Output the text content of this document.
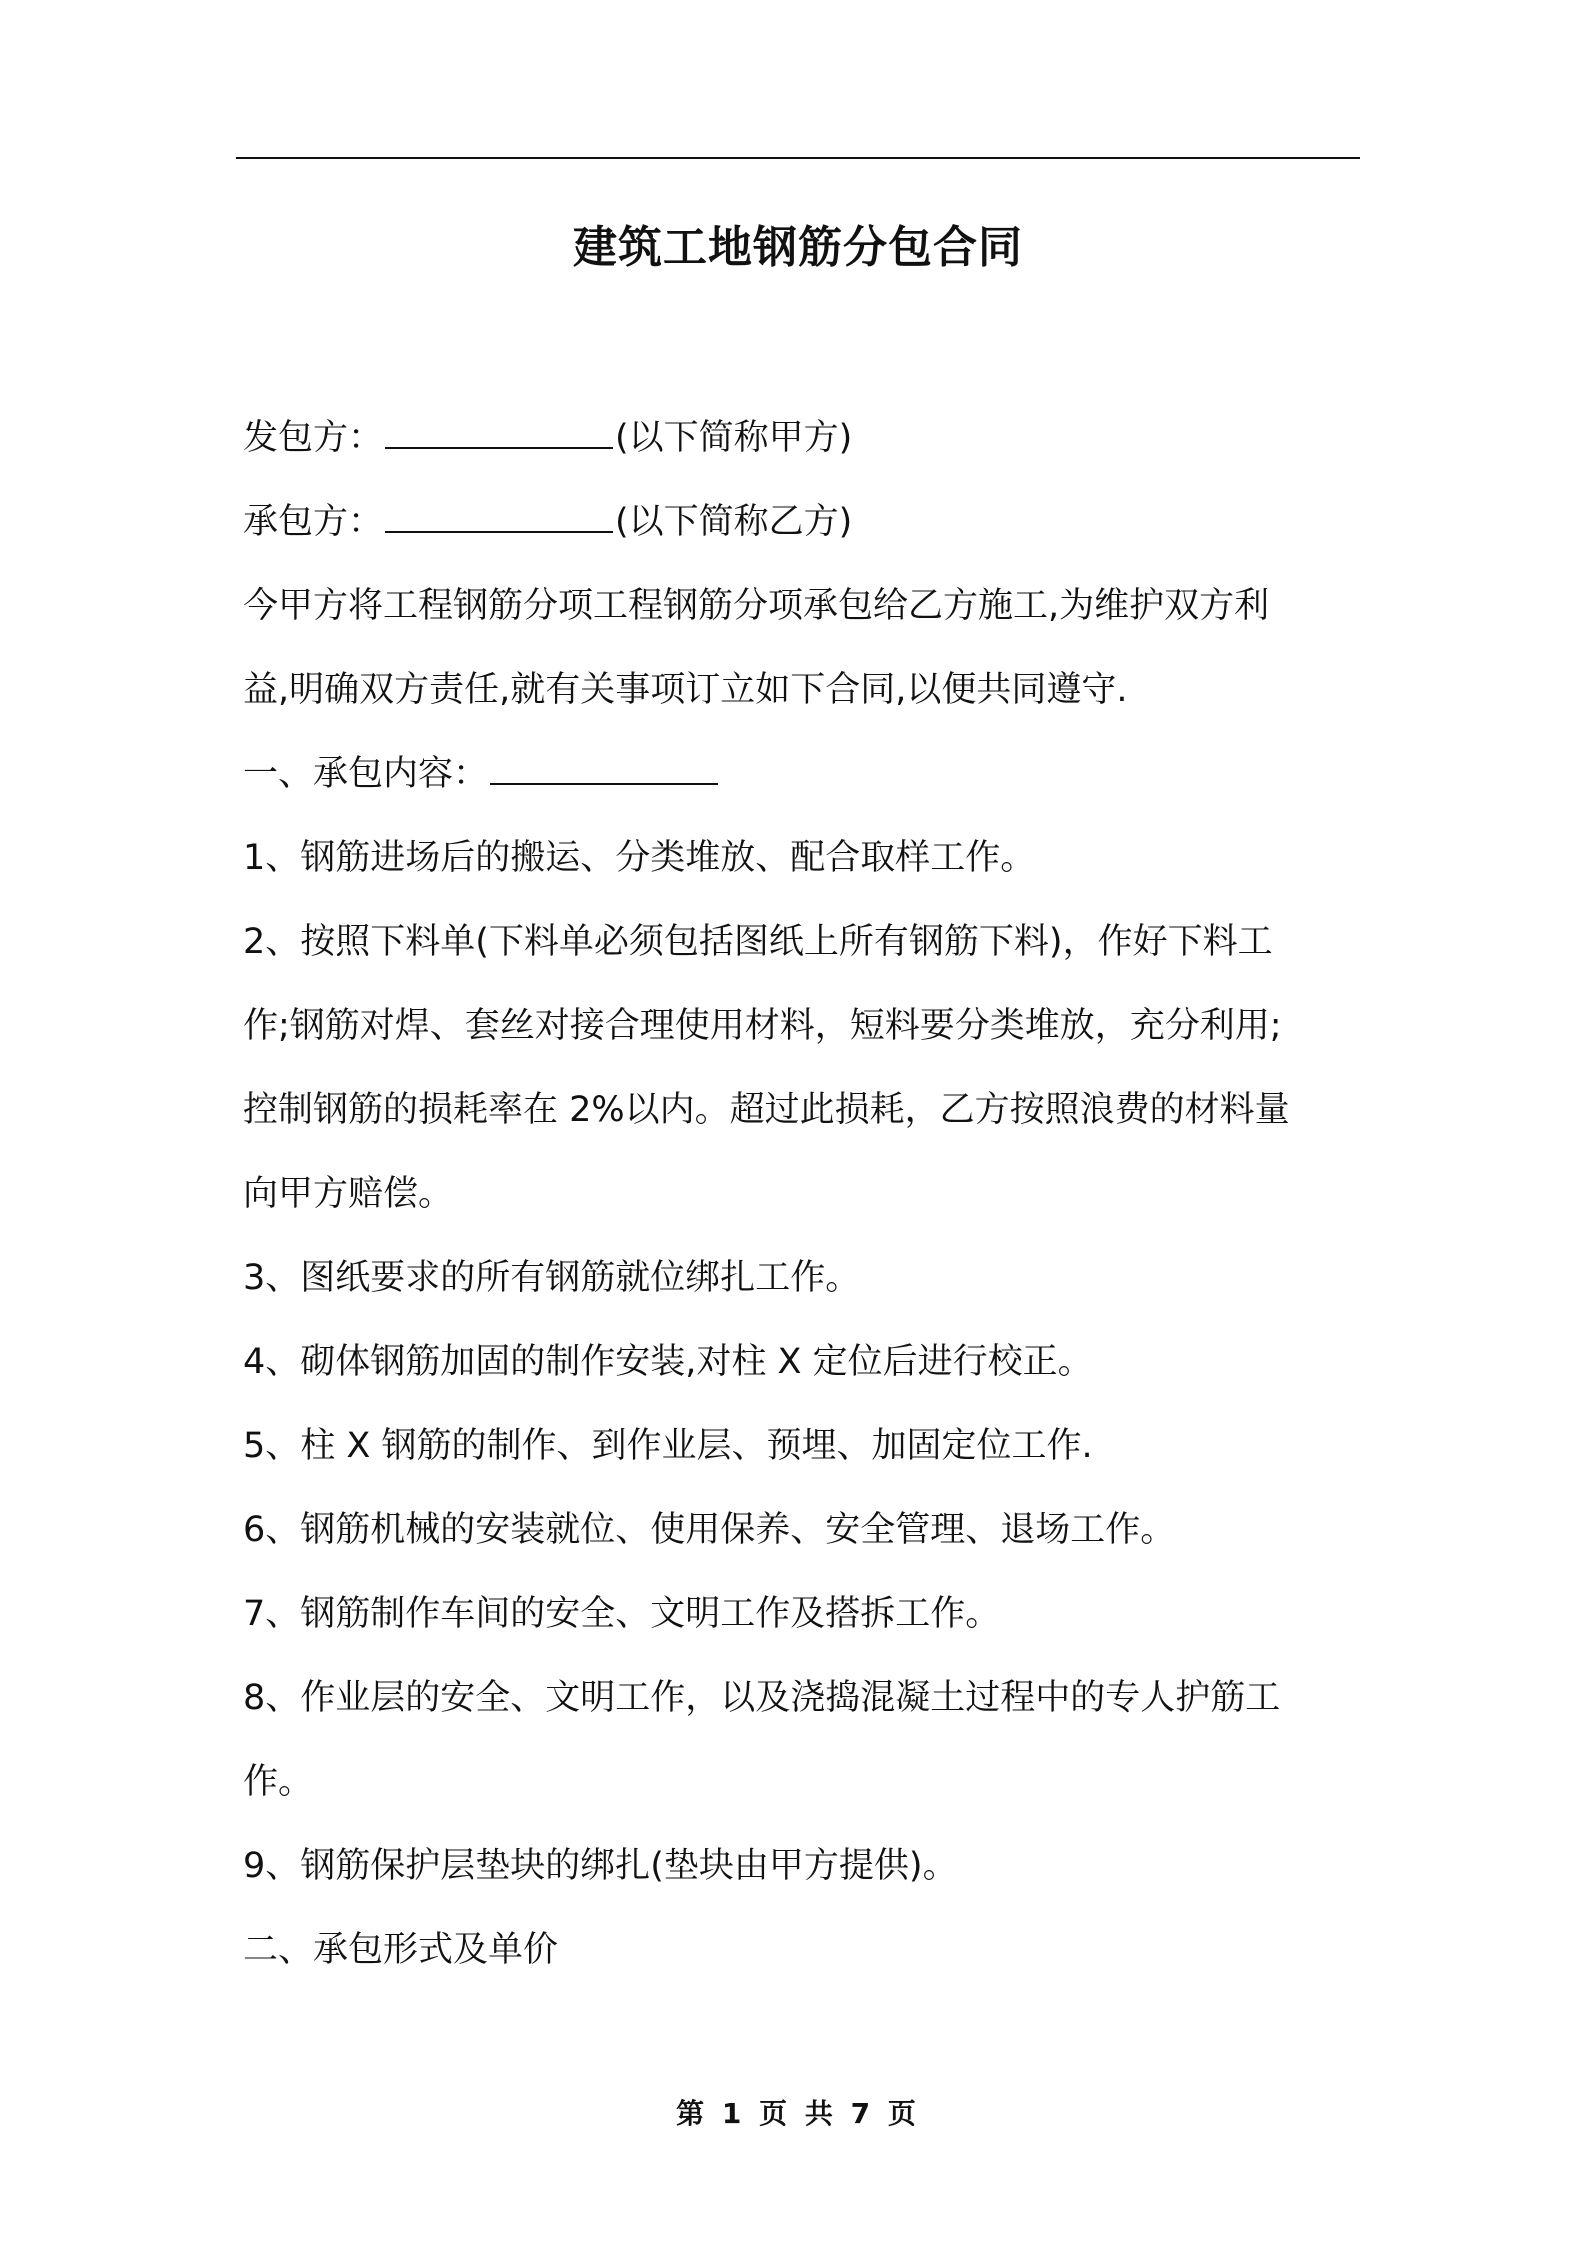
建筑工地钢筋分包合同
发包方：	(以下简称甲方)
承包方：	(以下简称乙方)
今甲方将工程钢筋分项工程钢筋分项承包给乙方施工,为维护双方利
益,明确双方责任,就有关事项订立如下合同,以便共同遵守.
一、承包内容：
1、钢筋进场后的搬运、分类堆放、配合取样工作。
2、按照下料单(下料单必须包括图纸上所有钢筋下料)，作好下料工
作;钢筋对焊、套丝对接合理使用材料，短料要分类堆放，充分利用;
控制钢筋的损耗率在 2%以内。超过此损耗，乙方按照浪费的材料量
向甲方赔偿。
3、图纸要求的所有钢筋就位绑扎工作。
4、砌体钢筋加固的制作安装,对柱 X 定位后进行校正。
5、柱 X 钢筋的制作、到作业层、预埋、加固定位工作.
6、钢筋机械的安装就位、使用保养、安全管理、退场工作。
7、钢筋制作车间的安全、文明工作及搭拆工作。
8、作业层的安全、文明工作，以及浇捣混凝土过程中的专人护筋工
作。
9、钢筋保护层垫块的绑扎(垫块由甲方提供)。
二、承包形式及单价
第 1 页 共 7 页
